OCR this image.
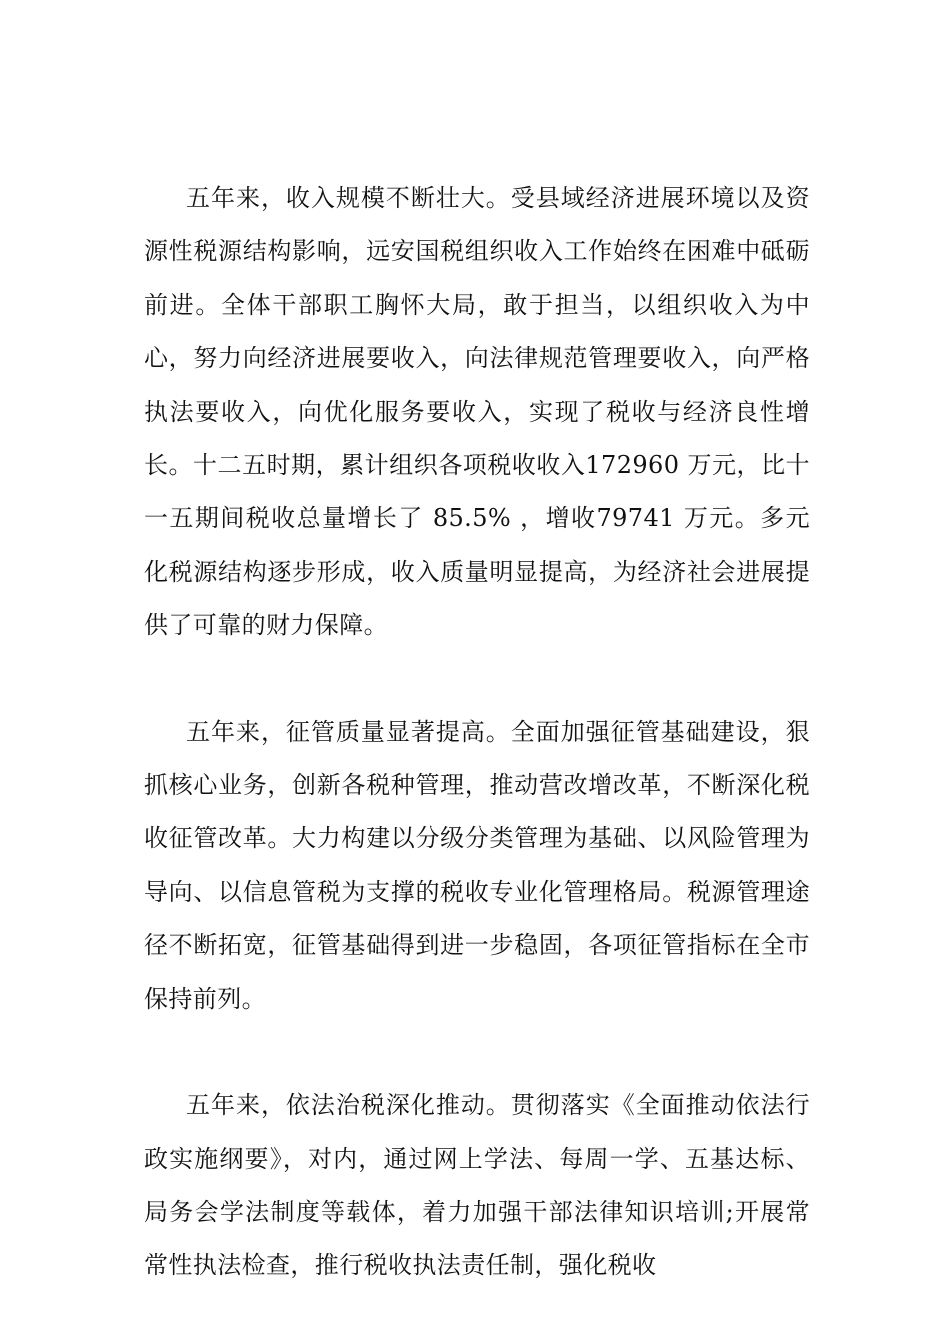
五年来，收入规模不断壮大。受县域经济进展环境以及资源性税源结构影响，远安国税组织收入工作始终在困难中砥砺前进。全体干部职工胸怀大局，敢于担当，以组织收入为中心，努力向经济进展要收入，向法律规范管理要收入，向严格执法要收入，向优化服务要收入，实现了税收与经济良性增长。十二五时期，累计组织各项税收收入172960 万元，比十一五期间税收总量增长了 85.5% ，增收79741 万元。多元化税源结构逐步形成，收入质量明显提高，为经济社会进展提供了可靠的财力保障。

五年来，征管质量显著提高。全面加强征管基础建设，狠抓核心业务，创新各税种管理，推动营改增改革，不断深化税收征管改革。大力构建以分级分类管理为基础、以风险管理为导向、以信息管税为支撑的税收专业化管理格局。税源管理途径不断拓宽，征管基础得到进一步稳固，各项征管指标在全市保持前列。

五年来，依法治税深化推动。贯彻落实《全面推动依法行政实施纲要》，对内，通过网上学法、每周一学、五基达标、局务会学法制度等载体，着力加强干部法律知识培训;开展常常性执法检查，推行税收执法责任制，强化税收
